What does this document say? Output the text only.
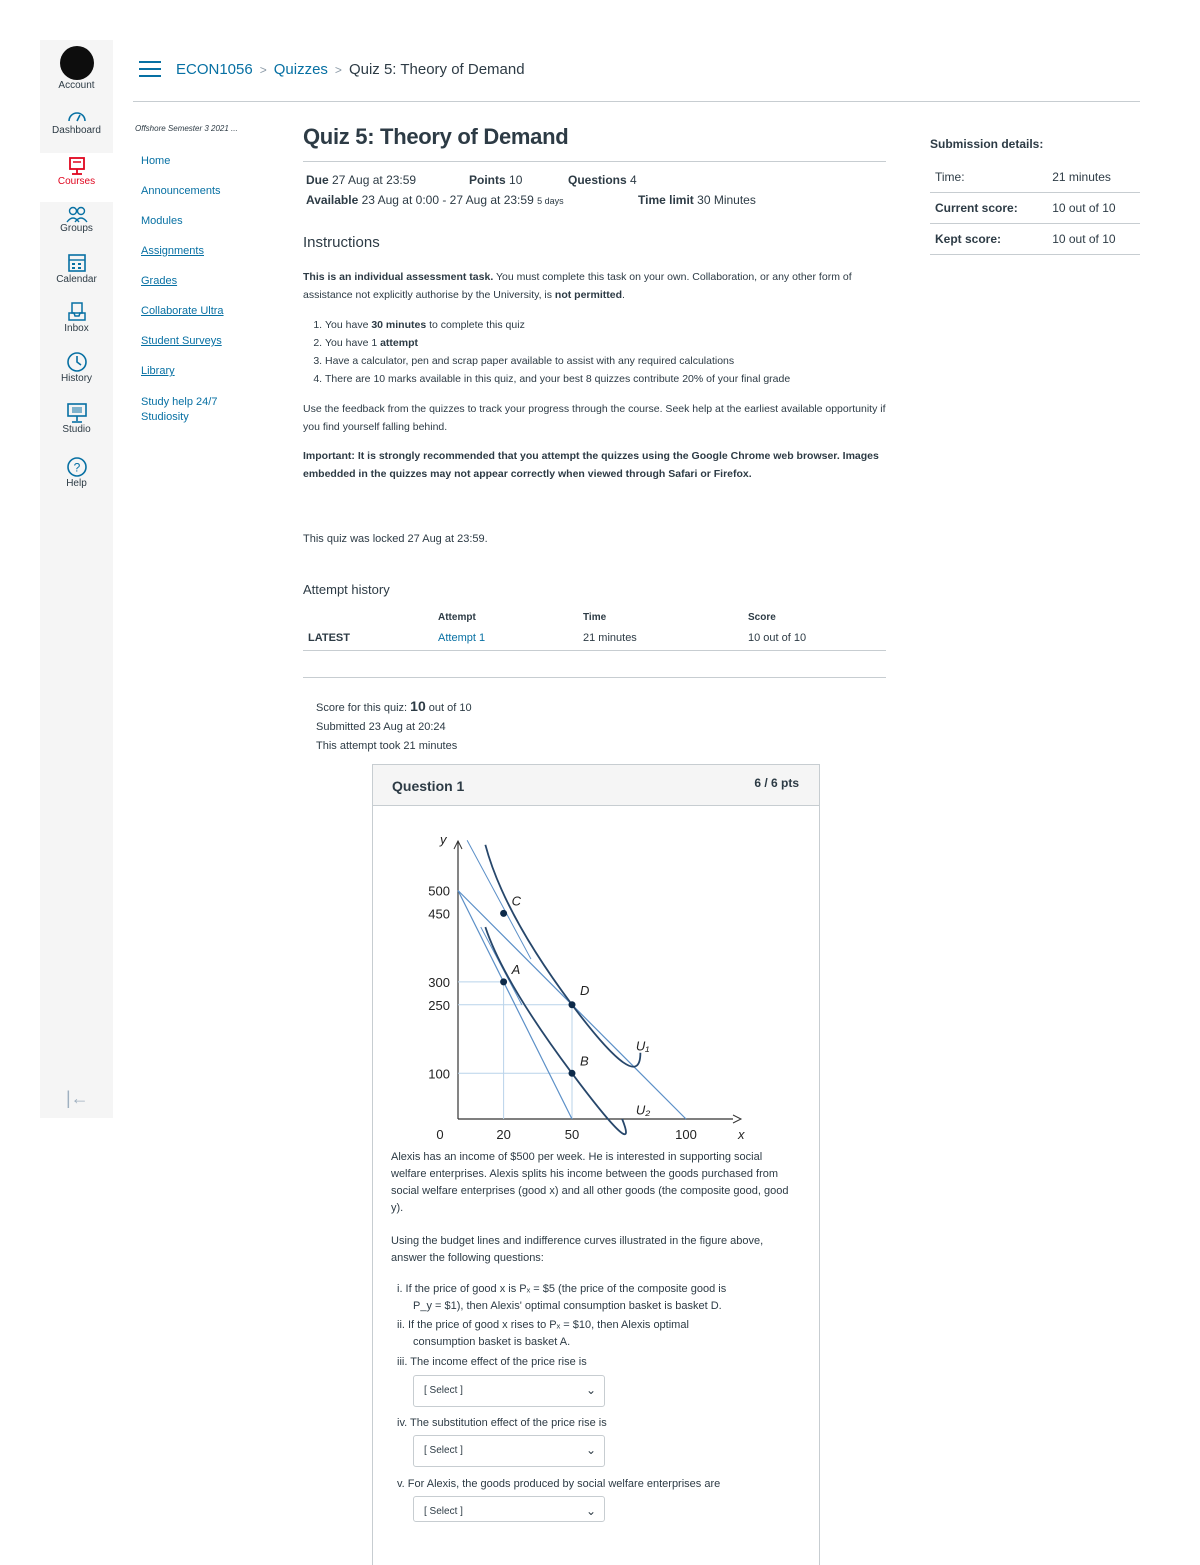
Account
Dashboard
Courses
Groups
Calendar
Inbox
History
Studio
?
Help
|←
ECON1056 > Quizzes > Quiz 5: Theory of Demand
Offshore Semester 3 2021 ...
Home
Announcements
Modules
Assignments
Grades
Collaborate Ultra
Student Surveys
Library
Study help 24/7 Studiosity
Quiz 5: Theory of Demand
Due 27 Aug at 23:59	Points 10	Questions 4
Available 23 Aug at 0:00 - 27 Aug at 23:59 5 days	Time limit 30 Minutes
Instructions
This is an individual assessment task. You must complete this task on your own. Collaboration, or any other form of assistance not explicitly authorise by the University, is not permitted.
1. You have 30 minutes to complete this quiz
2. You have 1 attempt
3. Have a calculator, pen and scrap paper available to assist with any required calculations
4. There are 10 marks available in this quiz, and your best 8 quizzes contribute 20% of your final grade
Use the feedback from the quizzes to track your progress through the course. Seek help at the earliest available opportunity if you find yourself falling behind.
Important: It is strongly recommended that you attempt the quizzes using the Google Chrome web browser. Images embedded in the quizzes may not appear correctly when viewed through Safari or Firefox.
This quiz was locked 27 Aug at 23:59.
Attempt history
	Attempt	Time	Score
LATEST	Attempt 1	21 minutes	10 out of 10
Score for this quiz: 10 out of 10
Submitted 23 Aug at 20:24
This attempt took 21 minutes
Question 1	6 / 6 pts
x
y
0	20	50	100
100
250
300
450
500
C
A
D
B
U₁
U₂
Alexis has an income of $500 per week. He is interested in supporting social welfare enterprises. Alexis splits his income between the goods purchased from social welfare enterprises (good x) and all other goods (the composite good, good y).
Using the budget lines and indifference curves illustrated in the figure above, answer the following questions:
i. If the price of good x is Pₓ = $5 (the price of the composite good is
P_y = $1), then Alexis' optimal consumption basket is basket D.
ii. If the price of good x rises to Pₓ = $10, then Alexis optimal
consumption basket is basket A.
iii. The income effect of the price rise is
[ Select ]	⌄
iv. The substitution effect of the price rise is
[ Select ]	⌄
v. For Alexis, the goods produced by social welfare enterprises are
[ Select ]	⌄
Submission details:
Time:	21 minutes
Current score:	10 out of 10
Kept score:	10 out of 10
